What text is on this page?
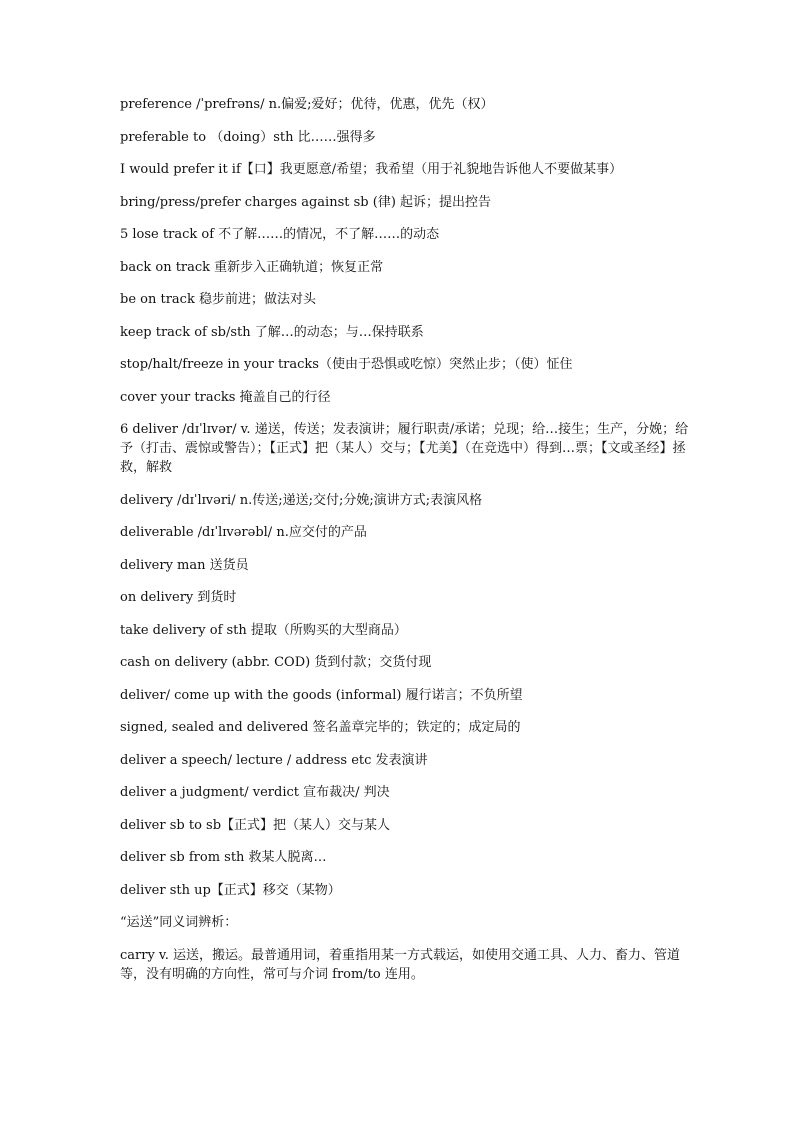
preference /ˈprefrəns/ n.偏爱;爱好；优待，优惠，优先（权）

preferable to （doing）sth 比……强得多

I would prefer it if【口】我更愿意/希望；我希望（用于礼貌地告诉他人不要做某事）

bring/press/prefer charges against sb (律) 起诉；提出控告

5 lose track of 不了解……的情况，不了解……的动态

back on track 重新步入正确轨道；恢复正常

be on track 稳步前进；做法对头

keep track of sb/sth 了解…的动态；与…保持联系

stop/halt/freeze in your tracks（使由于恐惧或吃惊）突然止步；（使）怔住

cover your tracks 掩盖自己的行径

6 deliver /dɪˈlɪvər/ v. 递送，传送；发表演讲；履行职责/承诺；兑现；给…接生；生产，分娩；给予（打击、震惊或警告）；【正式】把（某人）交与；【尤美】（在竞选中）得到…票；【文或圣经】拯救，解救

delivery /dɪˈlɪvəri/ n.传送;递送;交付;分娩;演讲方式;表演风格

deliverable /dɪˈlɪvərəbl/ n.应交付的产品

delivery man 送货员

on delivery 到货时

take delivery of sth 提取（所购买的大型商品）

cash on delivery (abbr. COD) 货到付款；交货付现

deliver/ come up with the goods (informal) 履行诺言；不负所望

signed, sealed and delivered 签名盖章完毕的；铁定的；成定局的

deliver a speech/ lecture / address etc 发表演讲

deliver a judgment/ verdict 宣布裁决/ 判决

deliver sb to sb【正式】把（某人）交与某人

deliver sb from sth 救某人脱离…

deliver sth up【正式】移交（某物）

“运送”同义词辨析：

carry v. 运送，搬运。最普通用词，着重指用某一方式载运，如使用交通工具、人力、畜力、管道等，没有明确的方向性，常可与介词 from/to 连用。
